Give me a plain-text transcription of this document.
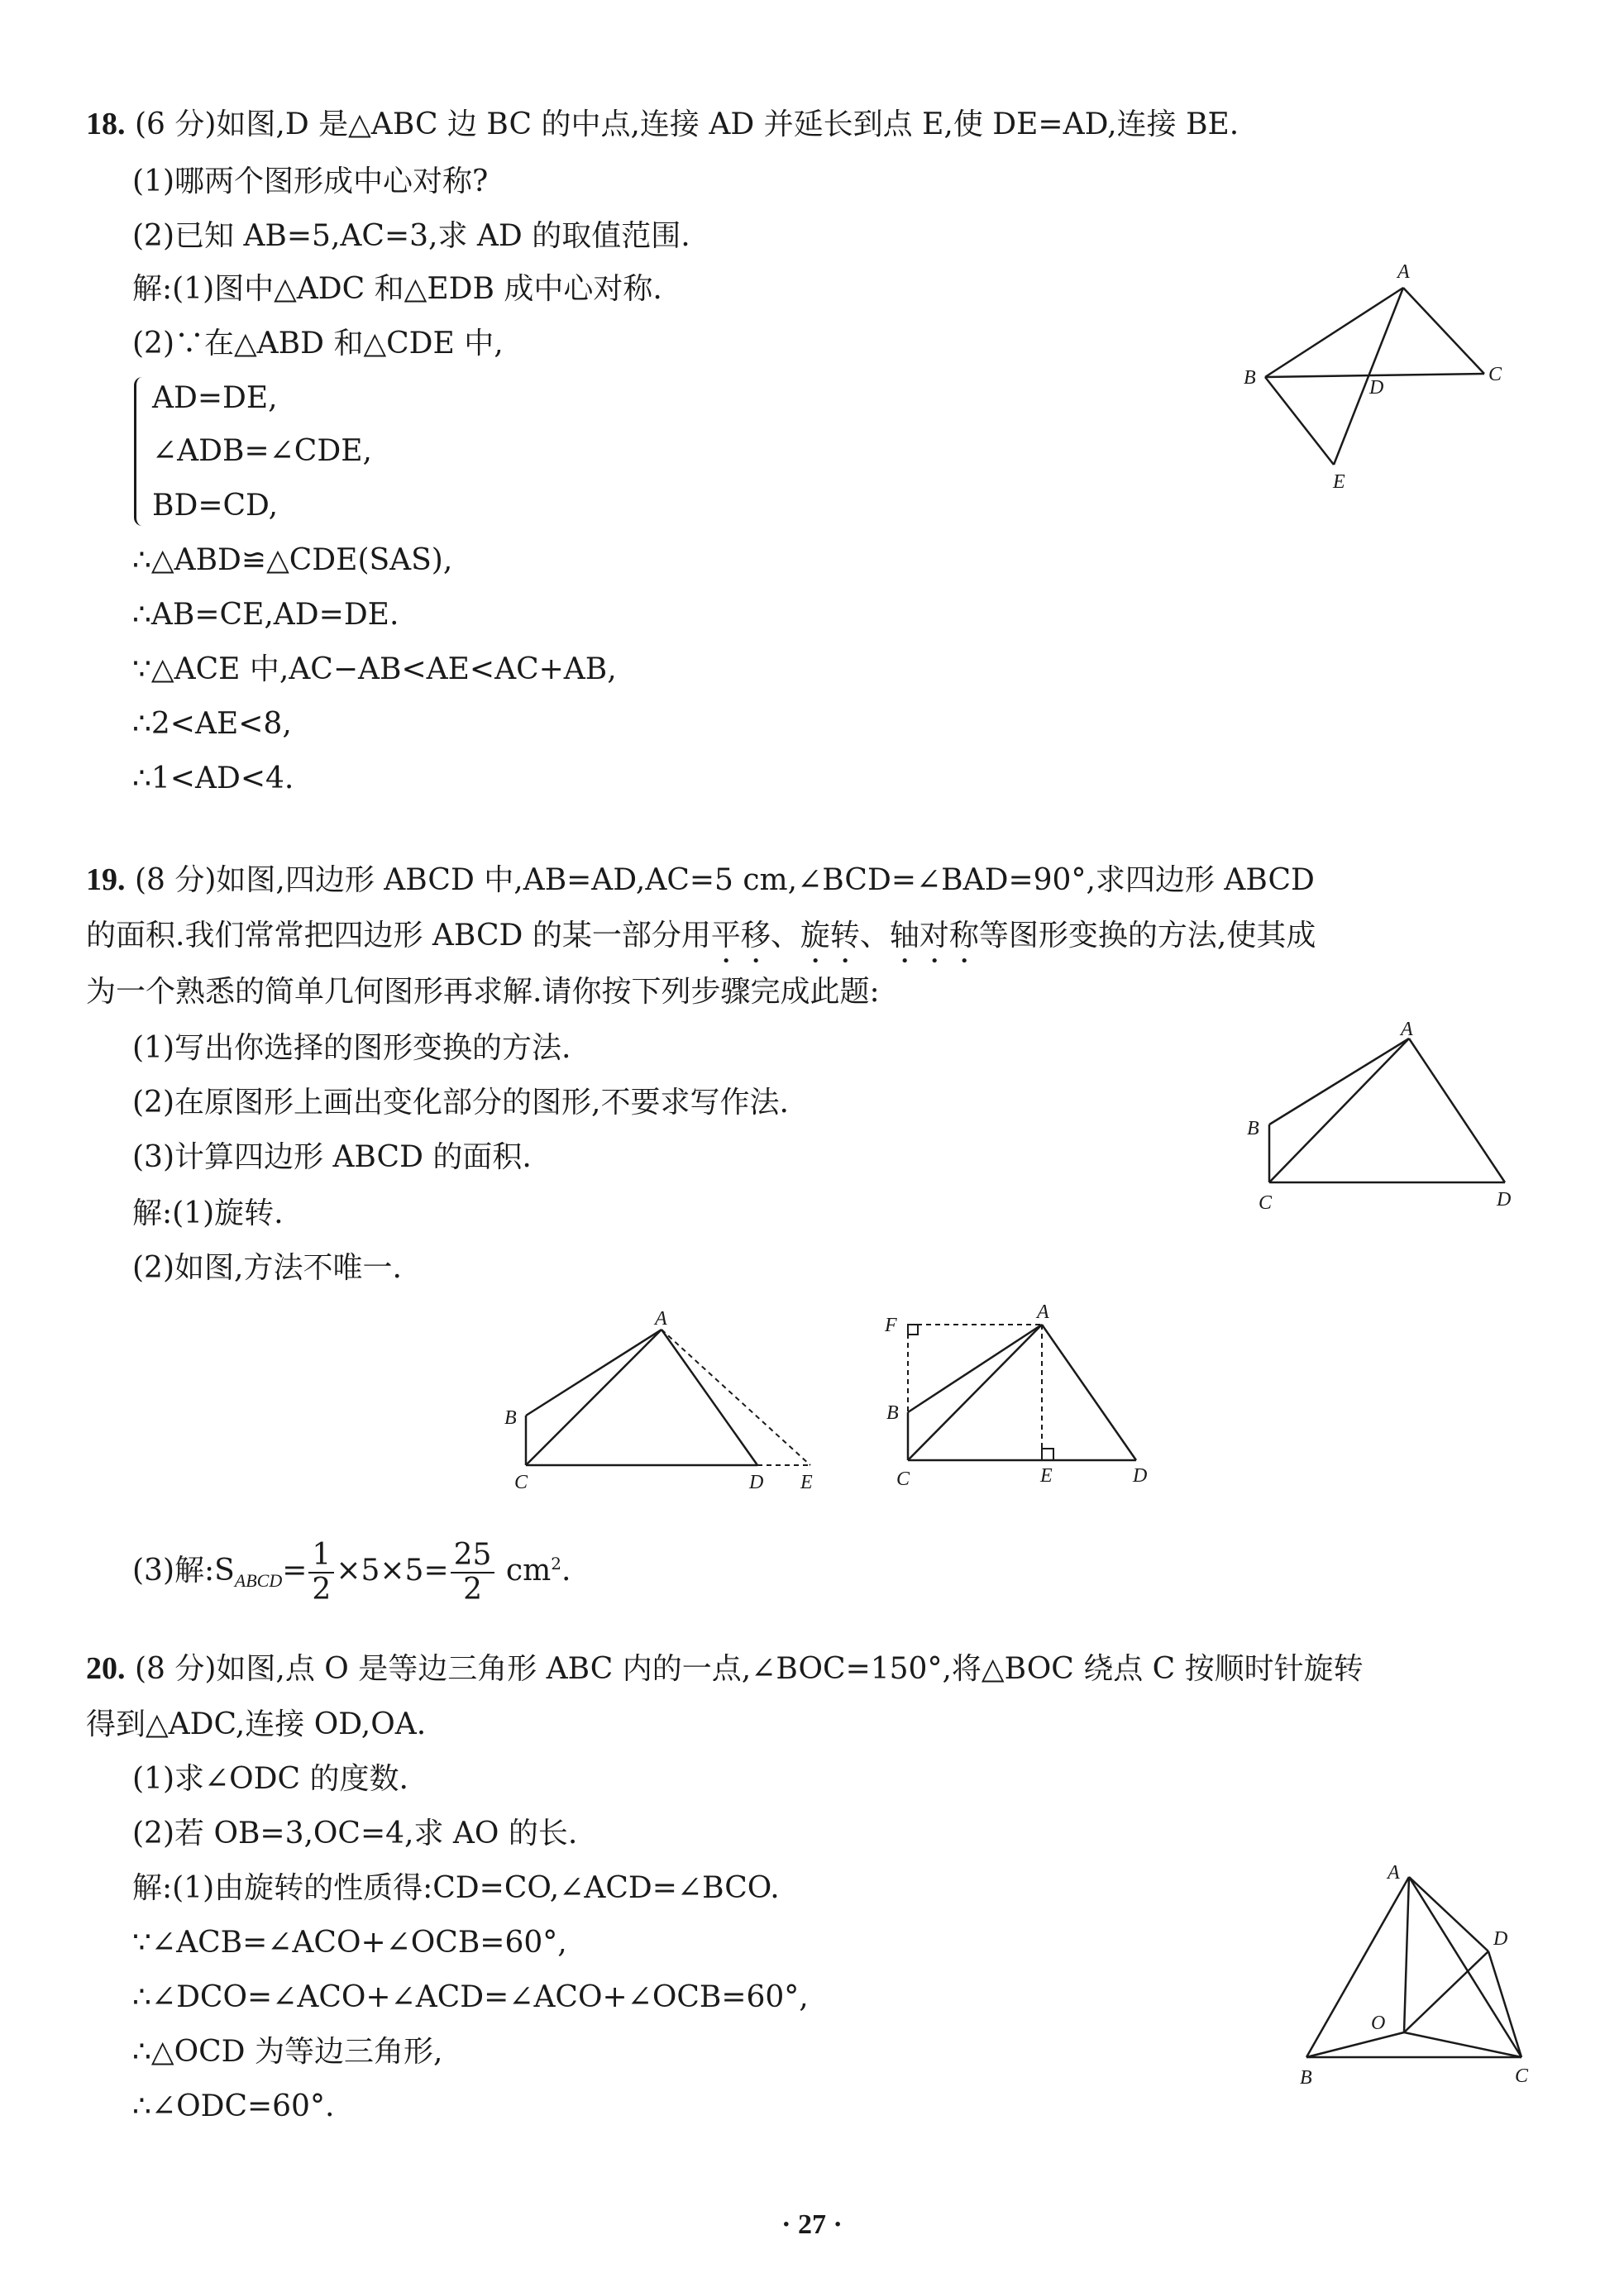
18. (6 分)如图,D 是△ABC 边 BC 的中点,连接 AD 并延长到点 E,使 DE=AD,连接 BE.
(1)哪两个图形成中心对称?
(2)已知 AB=5,AC=3,求 AD 的取值范围.
解:(1)图中△ADC 和△EDB 成中心对称.
(2)∵在△ABD 和△CDE 中,
AD=DE,
∠ADB=∠CDE,
BD=CD,
∴△ABD≌△CDE(SAS),
∴AB=CE,AD=DE.
∵△ACE 中,AC−AB<AE<AC+AB,
∴2<AE<8,
∴1<AD<4.
A
B	C
D
E
19. (8 分)如图,四边形 ABCD 中,AB=AD,AC=5 cm,∠BCD=∠BAD=90°,求四边形 ABCD
的面积.我们常常把四边形 ABCD 的某一部分用平移、旋转、轴对称等图形变换的方法,使其成
为一个熟悉的简单几何图形再求解.请你按下列步骤完成此题:
(1)写出你选择的图形变换的方法.
(2)在原图形上画出变化部分的图形,不要求写作法.
(3)计算四边形 ABCD 的面积.
解:(1)旋转.
(2)如图,方法不唯一.
A
B
C	D
A
B
C	D E
A
B
C	D
E
F
(3)解$:S_{ABCD}= \frac{1}{2} \times 5\times 5= \frac{25}{2} cm^2$.
20. (8 分)如图,点 O 是等边三角形 ABC 内的一点,∠BOC=150°,将△BOC 绕点 C 按顺时针旋转
得到△ADC,连接 OD,OA.
(1)求∠ODC 的度数.
(2)若 OB=3,OC=4,求 AO 的长.
解:(1)由旋转的性质得:CD=CO,∠ACD=∠BCO.
∵∠ACB=∠ACO+∠OCB=60°,
∴∠DCO=∠ACO+∠ACD=∠ACO+∠OCB=60°,
∴△OCD 为等边三角形,
∴∠ODC=60°.
A
B	C
D
O
· 27 ·
